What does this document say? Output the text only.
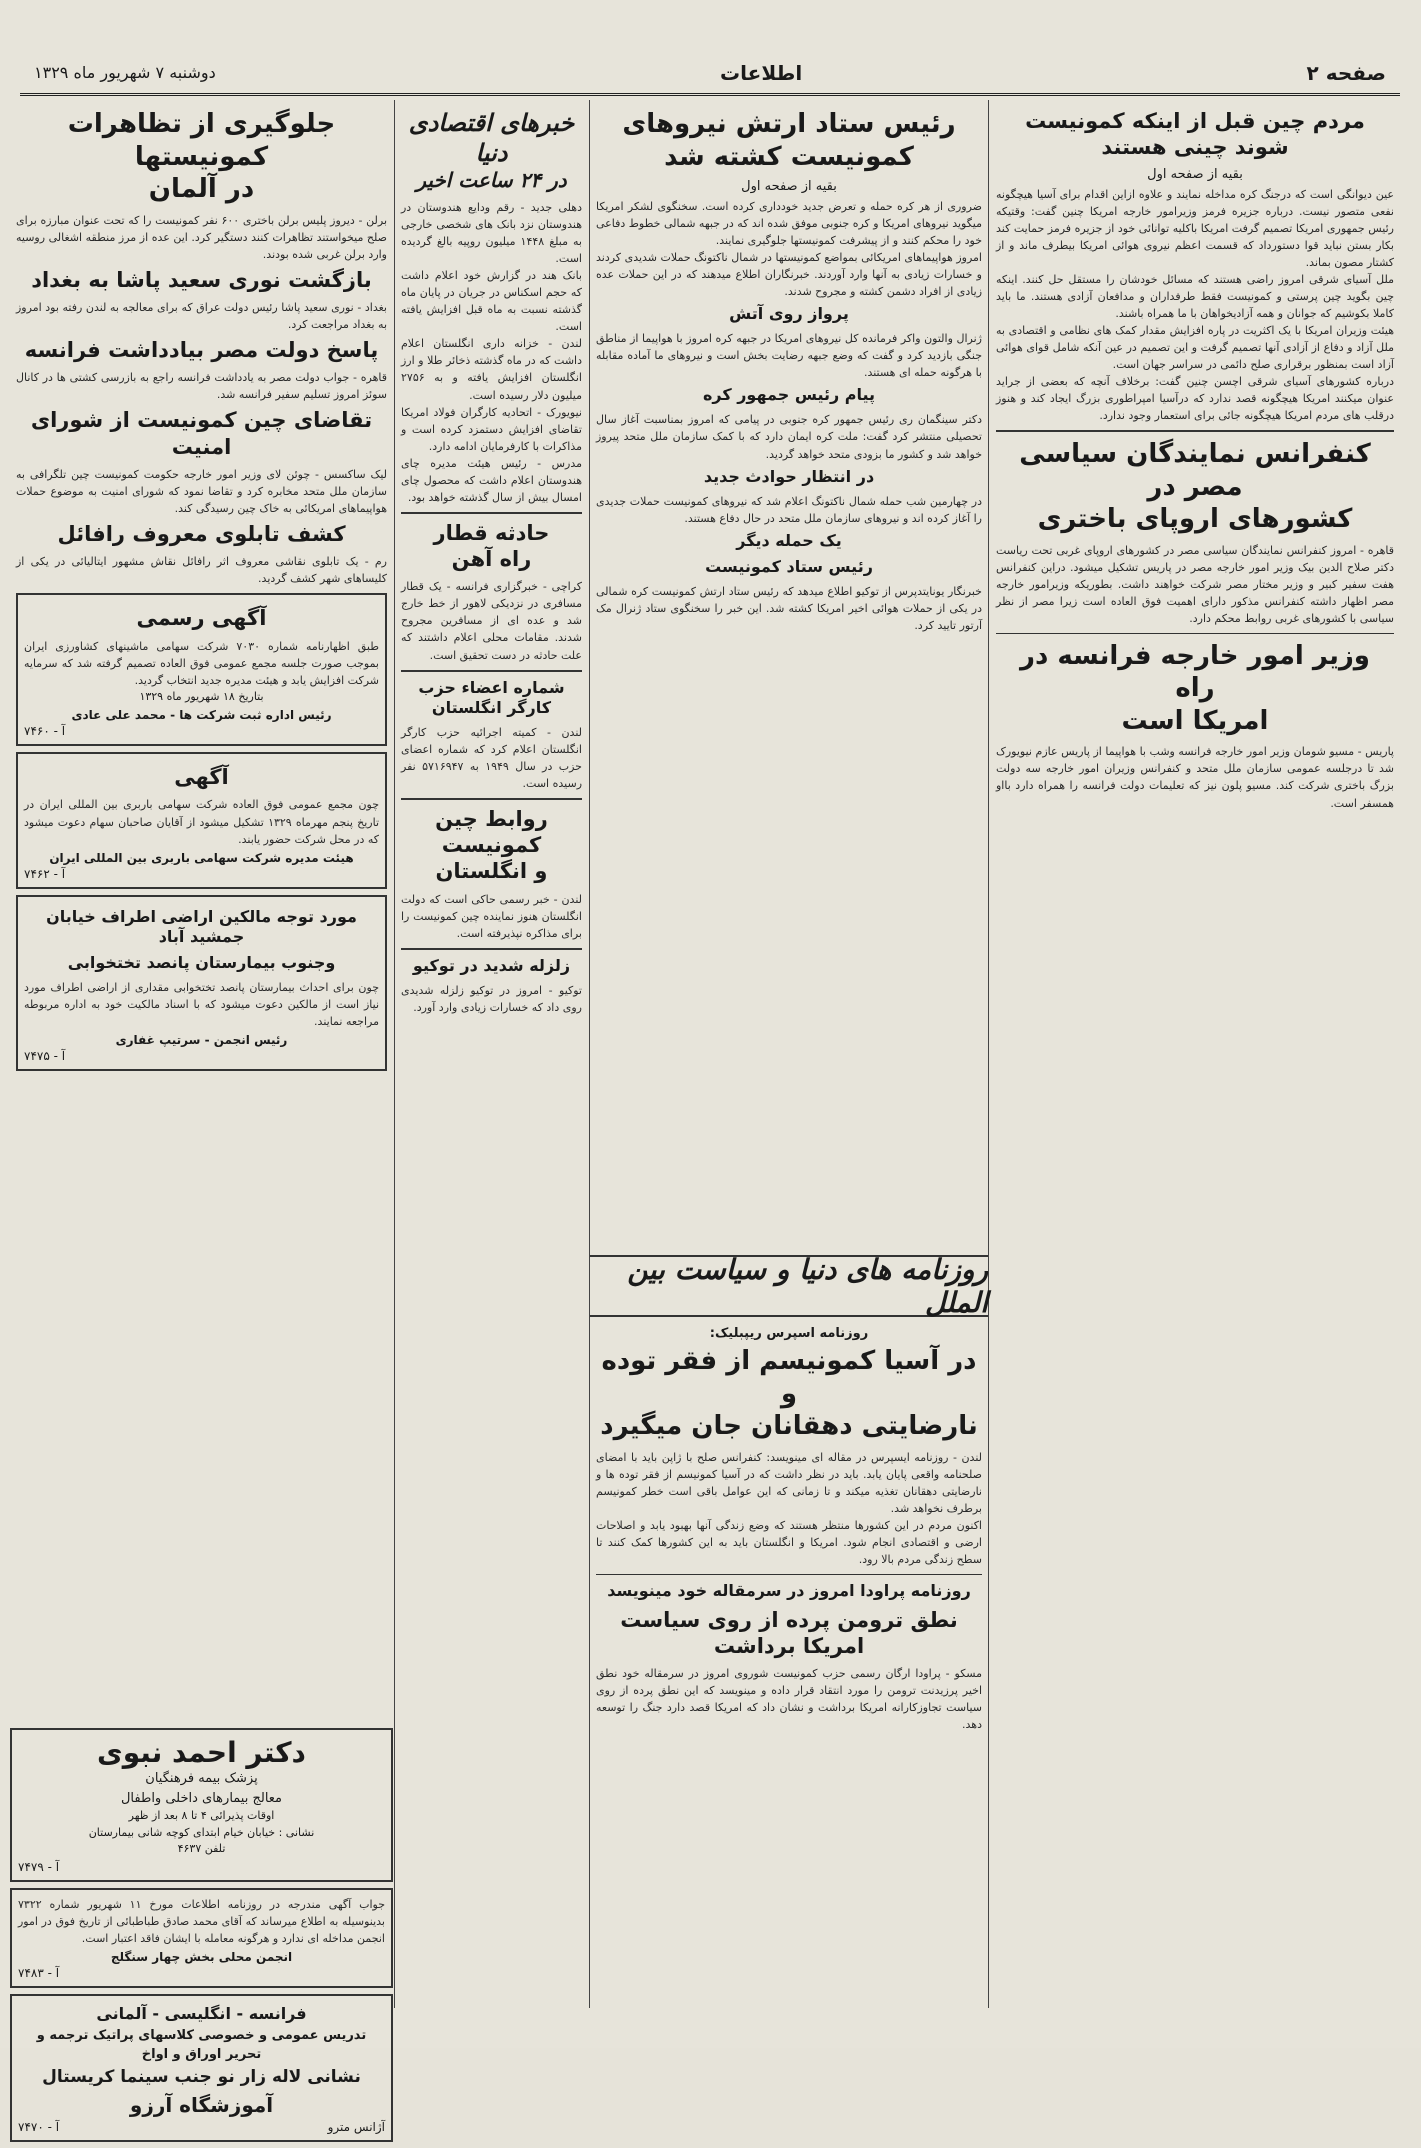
صفحه ۲
اطلاعات
دوشنبه ۷ شهریور ماه ۱۳۲۹
مردم چین قبل از اینکه کمونیست شوند چینی هستند
بقیه از صفحه اول

عین دیوانگی است که درجنگ کره مداخله نمایند و علاوه ازاین اقدام برای آسیا هیچگونه نفعی متصور نیست. درباره جزیره فرمز وزیرامور خارجه امریکا چنین گفت: وقتیکه رئیس جمهوری امریکا تصمیم گرفت امریکا باکلیه توانائی خود از جزیره فرمز حمایت کند بکار بستن نباید قوا دستورداد که قسمت اعظم نیروی هوائی امریکا بیطرف ماند و از کشتار مصون بماند.

ملل آسیای شرقی امروز راضی هستند که مسائل خودشان را مستقل حل کنند. اینکه چین بگوید چین پرستی و کمونیست فقط طرفداران و مدافعان آزادی هستند. ما باید کاملا بکوشیم که جوانان و همه آزادیخواهان با ما همراه باشند.

هیئت وزیران امریکا با یک اکثریت در پاره افزایش مقدار کمک های نظامی و اقتصادی به ملل آزاد و دفاع از آزادی آنها تصمیم گرفت و این تصمیم در عین آنکه شامل قوای هوائی آزاد است بمنظور برقراری صلح دائمی در سراسر جهان است.

درباره کشورهای آسیای شرقی اچسن چنین گفت: برخلاف آنچه که بعضی از جراید عنوان میکنند امریکا هیچگونه قصد ندارد که درآسیا امپراطوری بزرگ ایجاد کند و هنوز درقلب های مردم امریکا هیچگونه جائی برای استعمار وجود ندارد.

کنفرانس نمایندگان سیاسی مصر در
کشورهای اروپای باختری

قاهره - امروز کنفرانس نمایندگان سیاسی مصر در کشورهای اروپای غربی تحت ریاست دکتر صلاح الدین بیک وزیر امور خارجه مصر در پاریس تشکیل میشود. دراین کنفرانس هفت سفیر کبیر و وزیر مختار مصر شرکت خواهند داشت. بطوریکه وزیرامور خارجه مصر اظهار داشته کنفرانس مذکور دارای اهمیت فوق العاده است زیرا مصر از نظر سیاسی با کشورهای غربی روابط محکم دارد.

وزیر امور خارجه فرانسه در راه
امریکا است

پاریس - مسیو شومان وزیر امور خارجه فرانسه وشب با هواپیما از پاریس عازم نیویورک شد تا درجلسه عمومی سازمان ملل متحد و کنفرانس وزیران امور خارجه سه دولت بزرگ باختری شرکت کند. مسیو پلون نیز که تعلیمات دولت فرانسه را همراه دارد بااو همسفر است.

رئیس ستاد ارتش نیروهای
کمونیست کشته شد
بقیه از صفحه اول

ضروری از هر کره حمله و تعرض جدید خودداری کرده است. سخنگوی لشکر امریکا میگوید نیروهای امریکا و کره جنوبی موفق شده اند که در جبهه شمالی خطوط دفاعی خود را محکم کنند و از پیشرفت کمونیستها جلوگیری نمایند.

امروز هواپیماهای امریکائی بمواضع کمونیستها در شمال ناکتونگ حملات شدیدی کردند و خسارات زیادی به آنها وارد آوردند. خبرنگاران اطلاع میدهند که در این حملات عده زیادی از افراد دشمن کشته و مجروح شدند.

پرواز روی آتش

ژنرال والتون واکر فرمانده کل نیروهای امریکا در جبهه کره امروز با هواپیما از مناطق جنگی بازدید کرد و گفت که وضع جبهه رضایت بخش است و نیروهای ما آماده مقابله با هرگونه حمله ای هستند.

پیام رئیس جمهور کره

دکتر سینگمان ری رئیس جمهور کره جنوبی در پیامی که امروز بمناسبت آغاز سال تحصیلی منتشر کرد گفت: ملت کره ایمان دارد که با کمک سازمان ملل متحد پیروز خواهد شد و کشور ما بزودی متحد خواهد گردید.

در انتظار حوادث جدید

در چهارمین شب حمله شمال ناکتونگ اعلام شد که نیروهای کمونیست حملات جدیدی را آغاز کرده اند و نیروهای سازمان ملل متحد در حال دفاع هستند.

یک حمله دیگر
رئیس ستاد کمونیست

خبرنگار یونایتدپرس از توکیو اطلاع میدهد که رئیس ستاد ارتش کمونیست کره شمالی در یکی از حملات هوائی اخیر امریکا کشته شد. این خبر را سخنگوی ستاد ژنرال مک آرتور تایید کرد.

روزنامه های دنیا و سیاست بین الملل
روزنامه اسپرس ریپبلیک:
در آسیا کمونیسم از فقر توده و
نارضایتی دهقانان جان میگیرد

لندن - روزنامه ایسپرس در مقاله ای مینویسد: کنفرانس صلح با ژاپن باید با امضای صلحنامه واقعی پایان یابد. باید در نظر داشت که در آسیا کمونیسم از فقر توده ها و نارضایتی دهقانان تغذیه میکند و تا زمانی که این عوامل باقی است خطر کمونیسم برطرف نخواهد شد.

اکنون مردم در این کشورها منتظر هستند که وضع زندگی آنها بهبود یابد و اصلاحات ارضی و اقتصادی انجام شود. امریکا و انگلستان باید به این کشورها کمک کنند تا سطح زندگی مردم بالا رود.

روزنامه پراودا امروز در سرمقاله خود مینویسد
نطق ترومن پرده از روی سیاست امریکا برداشت

مسکو - پراودا ارگان رسمی حزب کمونیست شوروی امروز در سرمقاله خود نطق اخیر پرزیدنت ترومن را مورد انتقاد قرار داده و مینویسد که این نطق پرده از روی سیاست تجاوزکارانه امریکا برداشت و نشان داد که امریکا قصد دارد جنگ را توسعه دهد.

خبرهای اقتصادی دنیا
در ۲۴ ساعت اخیر

دهلی جدید - رقم ودایع هندوستان در هندوستان نزد بانک های شخصی خارجی به مبلغ ۱۴۴۸ میلیون روپیه بالغ گردیده است.

بانک هند در گزارش خود اعلام داشت که حجم اسکناس در جریان در پایان ماه گذشته نسبت به ماه قبل افزایش یافته است.

لندن - خزانه داری انگلستان اعلام داشت که در ماه گذشته ذخائر طلا و ارز انگلستان افزایش یافته و به ۲۷۵۶ میلیون دلار رسیده است.

نیویورک - اتحادیه کارگران فولاد امریکا تقاضای افزایش دستمزد کرده است و مذاکرات با کارفرمایان ادامه دارد.

مدرس - رئیس هیئت مدیره چای هندوستان اعلام داشت که محصول چای امسال بیش از سال گذشته خواهد بود.

حادثه قطار
راه آهن

کراچی - خبرگزاری فرانسه - یک قطار مسافری در نزدیکی لاهور از خط خارج شد و عده ای از مسافرین مجروح شدند. مقامات محلی اعلام داشتند که علت حادثه در دست تحقیق است.

شماره اعضاء حزب
کارگر انگلستان

لندن - کمیته اجرائیه حزب کارگر انگلستان اعلام کرد که شماره اعضای حزب در سال ۱۹۴۹ به ۵۷۱۶۹۴۷ نفر رسیده است.

روابط چین کمونیست
و انگلستان

لندن - خبر رسمی حاکی است که دولت انگلستان هنوز نماینده چین کمونیست را برای مذاکره نپذیرفته است.

زلزله شدید در توکیو

توکیو - امروز در توکیو زلزله شدیدی روی داد که خسارات زیادی وارد آورد.

جلوگیری از تظاهرات کمونیستها
در آلمان

برلن - دیروز پلیس برلن باختری ۶۰۰ نفر کمونیست را که تحت عنوان مبارزه برای صلح میخواستند تظاهرات کنند دستگیر کرد. این عده از مرز منطقه اشغالی روسیه وارد برلن غربی شده بودند.

بازگشت نوری سعید پاشا به بغداد

بغداد - نوری سعید پاشا رئیس دولت عراق که برای معالجه به لندن رفته بود امروز به بغداد مراجعت کرد.

پاسخ دولت مصر بیادداشت فرانسه

قاهره - جواب دولت مصر به یادداشت فرانسه راجع به بازرسی کشتی ها در کانال سوئز امروز تسلیم سفیر فرانسه شد.

تقاضای چین کمونیست از شورای امنیت

لیک ساکسس - چوئن لای وزیر امور خارجه حکومت کمونیست چین تلگرافی به سازمان ملل متحد مخابره کرد و تقاضا نمود که شورای امنیت به موضوع حملات هواپیماهای امریکائی به خاک چین رسیدگی کند.

کشف تابلوی معروف رافائل

رم - یک تابلوی نقاشی معروف اثر رافائل نقاش مشهور ایتالیائی در یکی از کلیساهای شهر کشف گردید.

آگهی رسمی

طبق اظهارنامه شماره ۷۰۳۰ شرکت سهامی ماشینهای کشاورزی ایران بموجب صورت جلسه مجمع عمومی فوق العاده تصمیم گرفته شد که سرمایه شرکت افزایش یابد و هیئت مدیره جدید انتخاب گردید.

بتاریخ ۱۸ شهریور ماه ۱۳۲۹
رئیس اداره ثبت شرکت ها - محمد علی عادی
آ - ۷۴۶۰
آگهی

چون مجمع عمومی فوق العاده شرکت سهامی باربری بین المللی ایران در تاریخ پنجم مهرماه ۱۳۲۹ تشکیل میشود از آقایان صاحبان سهام دعوت میشود که در محل شرکت حضور یابند.

هیئت مدیره شرکت سهامی باربری بین المللی ایران
آ - ۷۴۶۲
مورد توجه مالکین اراضی اطراف خیابان جمشید آباد
وجنوب بیمارستان پانصد تختخوابی

چون برای احداث بیمارستان پانصد تختخوابی مقداری از اراضی اطراف مورد نیاز است از مالکین دعوت میشود که با اسناد مالکیت خود به اداره مربوطه مراجعه نمایند.

رئیس انجمن - سرتیپ غفاری
آ - ۷۴۷۵
دکتر احمد نبوی
پزشک بیمه فرهنگیان
معالج بیمارهای داخلی واطفال
اوقات پذیرائی ۴ تا ۸ بعد از ظهر
نشانی : خیابان خیام ابتدای کوچه شانی بیمارستان
تلفن ۴۶۳۷
آ - ۷۴۷۹

جواب آگهی مندرجه در روزنامه اطلاعات مورخ ۱۱ شهریور شماره ۷۳۲۲ بدینوسیله به اطلاع میرساند که آقای محمد صادق طباطبائی از تاریخ فوق در امور انجمن مداخله ای ندارد و هرگونه معامله با ایشان فاقد اعتبار است.

انجمن محلی بخش چهار سنگلج
آ - ۷۴۸۳
فرانسه - انگلیسی - آلمانی
تدریس عمومی و خصوصی کلاسهای پراتیک ترجمه و
تحریر اوراق و اواخ
نشانی لاله زار نو جنب سینما کریستال
آموزشگاه آرزو
آژانس مترو
آ - ۷۴۷۰
